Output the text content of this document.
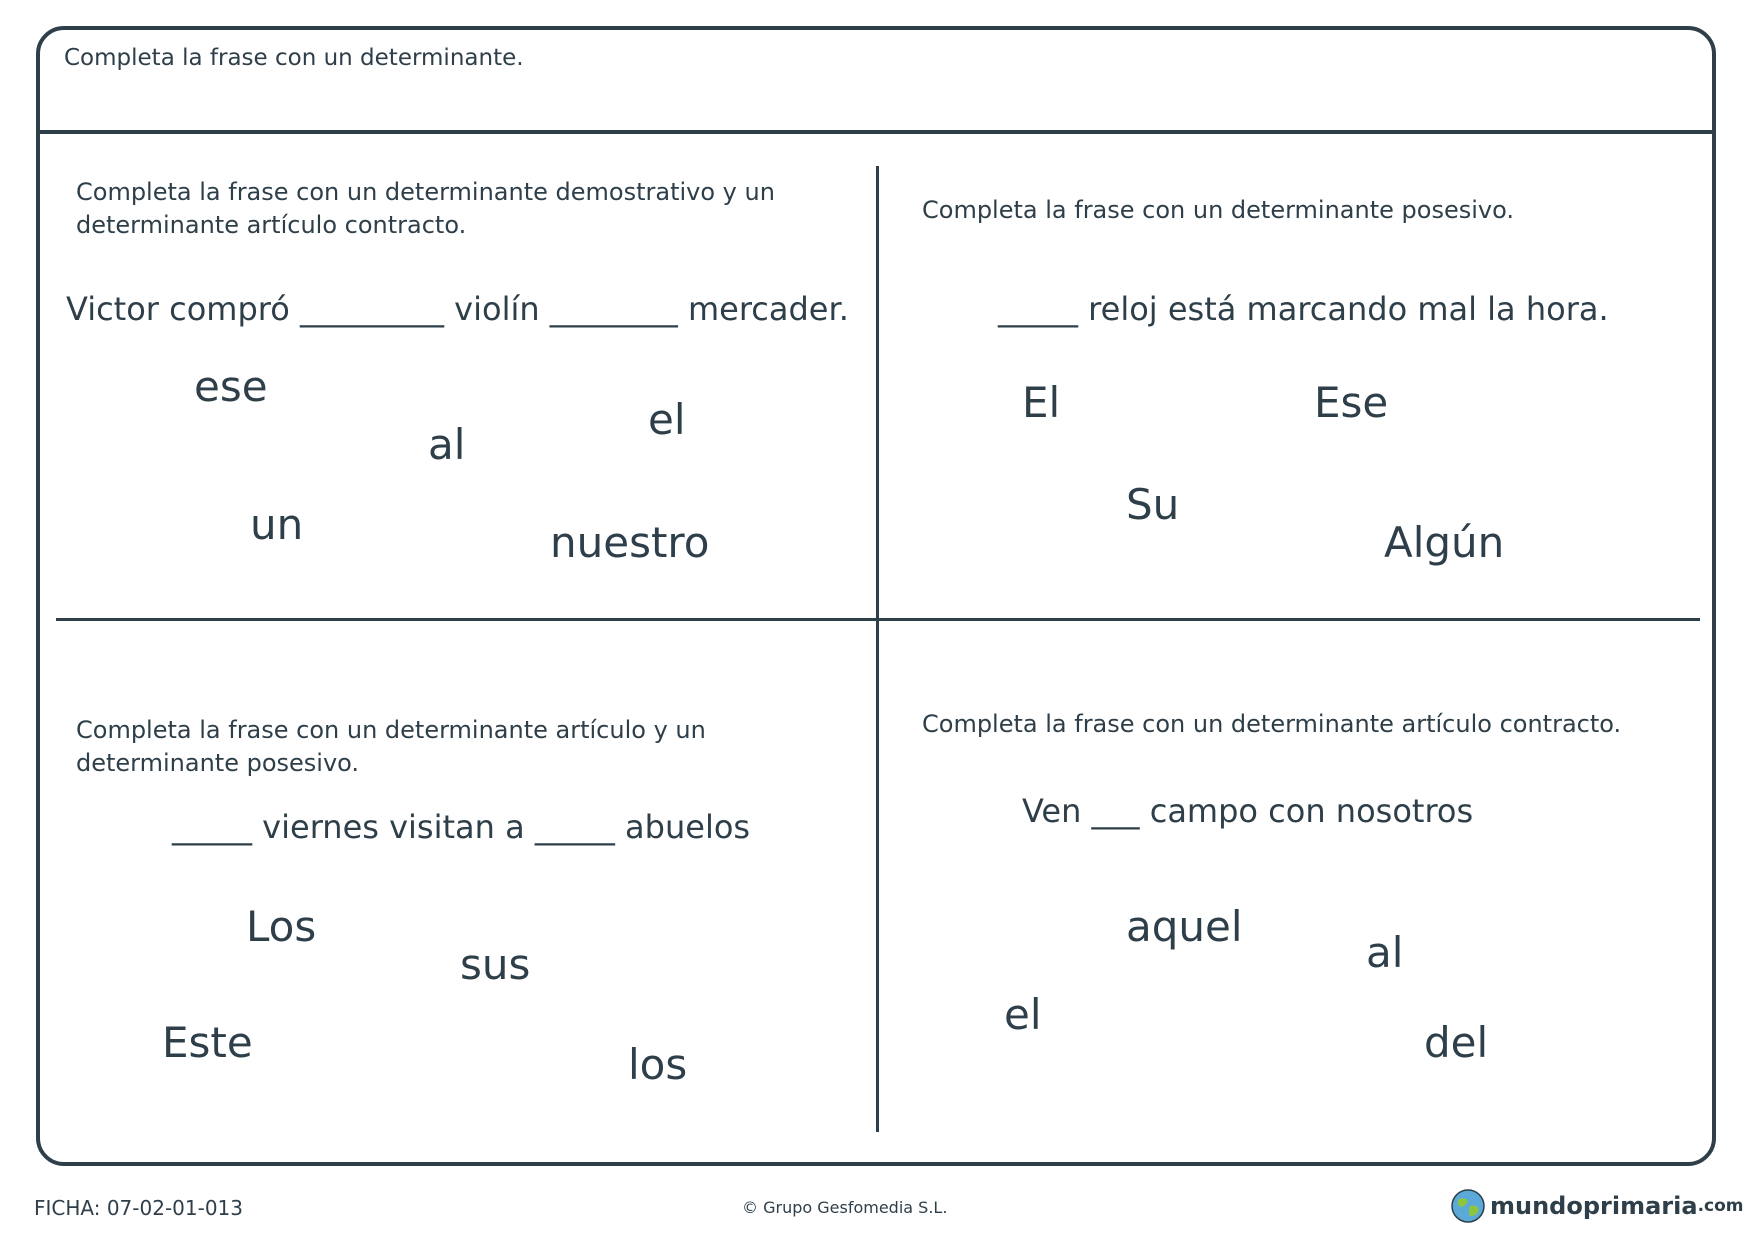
Completa la frase con un determinante.
Completa la frase con un determinante demostrativo y un determinante artículo contracto.
Victor compró _________ violín ________ mercader.
ese
al
el
un	nuestro
Completa la frase con un determinante posesivo.
_____ reloj está marcando mal la hora.
El	Ese
Su
Algún
Completa la frase con un determinante artículo y un determinante posesivo.
_____ viernes visitan a _____ abuelos
Los
sus
Este	los
Completa la frase con un determinante artículo contracto.
Ven ___ campo con nosotros
aquel
al
el
del
FICHA: 07-02-01-013	© Grupo Gesfomedia S.L.	mundoprimaria .com
